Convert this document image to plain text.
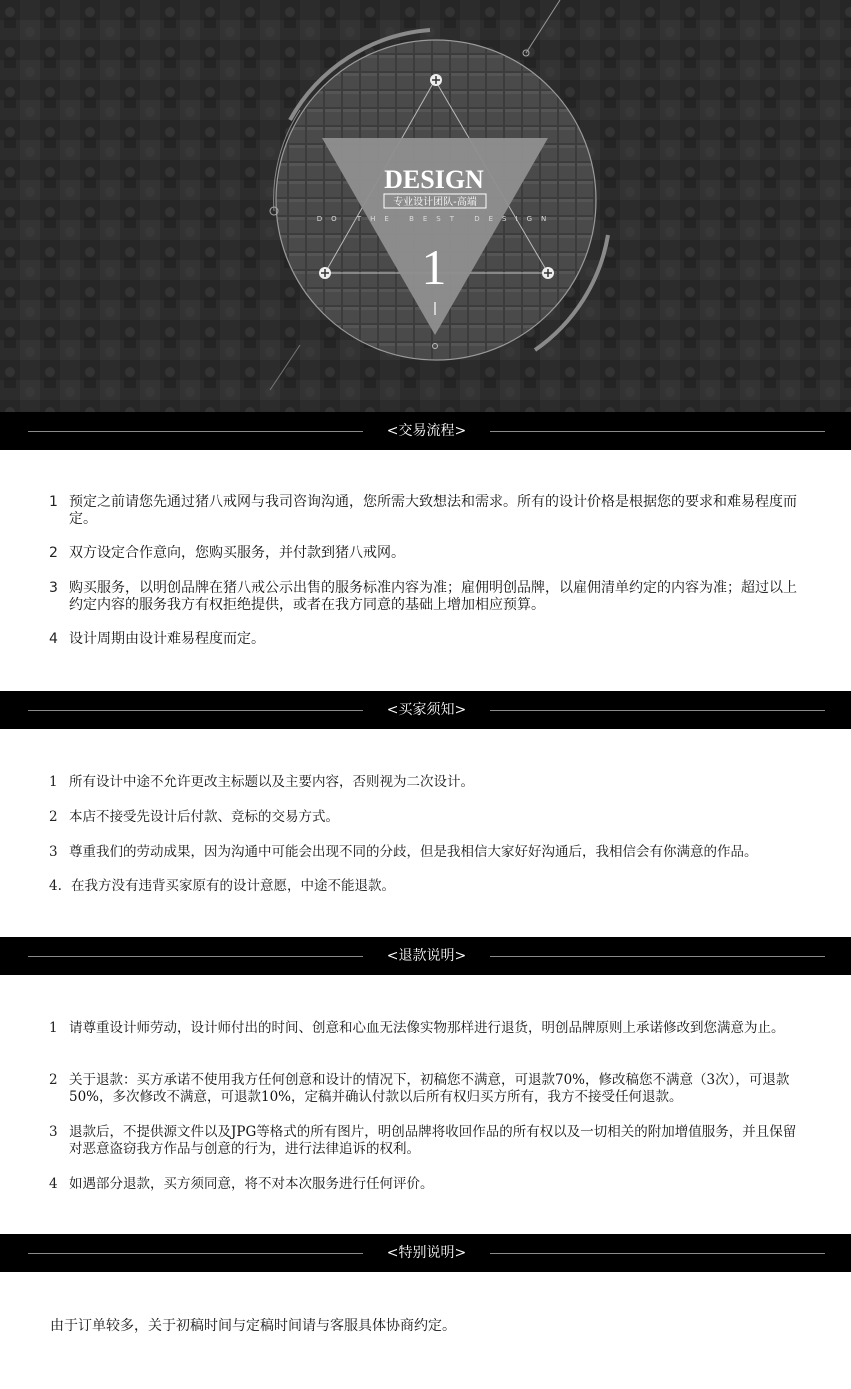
DESIGN
专业设计团队-高端
DO THE BEST DESIGN
1
<交易流程>
1 预定之前请您先通过猪八戒网与我司咨询沟通，您所需大致想法和需求。所有的设计价格是根据您的要求和难易程度而定。
2 双方设定合作意向，您购买服务，并付款到猪八戒网。
3 购买服务，以明创品牌在猪八戒公示出售的服务标准内容为准；雇佣明创品牌，以雇佣清单约定的内容为准；超过以上约定内容的服务我方有权拒绝提供，或者在我方同意的基础上增加相应预算。
4 设计周期由设计难易程度而定。
<买家须知>
1 所有设计中途不允许更改主标题以及主要内容，否则视为二次设计。
2 本店不接受先设计后付款、竞标的交易方式。
3 尊重我们的劳动成果，因为沟通中可能会出现不同的分歧，但是我相信大家好好沟通后，我相信会有你满意的作品。
4. 在我方没有违背买家原有的设计意愿，中途不能退款。
<退款说明>
1 请尊重设计师劳动，设计师付出的时间、创意和心血无法像实物那样进行退货，明创品牌原则上承诺修改到您满意为止。
2 关于退款：买方承诺不使用我方任何创意和设计的情况下，初稿您不满意，可退款70%，修改稿您不满意（3次），可退款50%，多次修改不满意，可退款10%，定稿并确认付款以后所有权归买方所有，我方不接受任何退款。
3 退款后，不提供源文件以及JPG等格式的所有图片，明创品牌将收回作品的所有权以及一切相关的附加增值服务，并且保留对恶意盗窃我方作品与创意的行为，进行法律追诉的权利。
4 如遇部分退款，买方须同意，将不对本次服务进行任何评价。
<特别说明>
由于订单较多，关于初稿时间与定稿时间请与客服具体协商约定。
